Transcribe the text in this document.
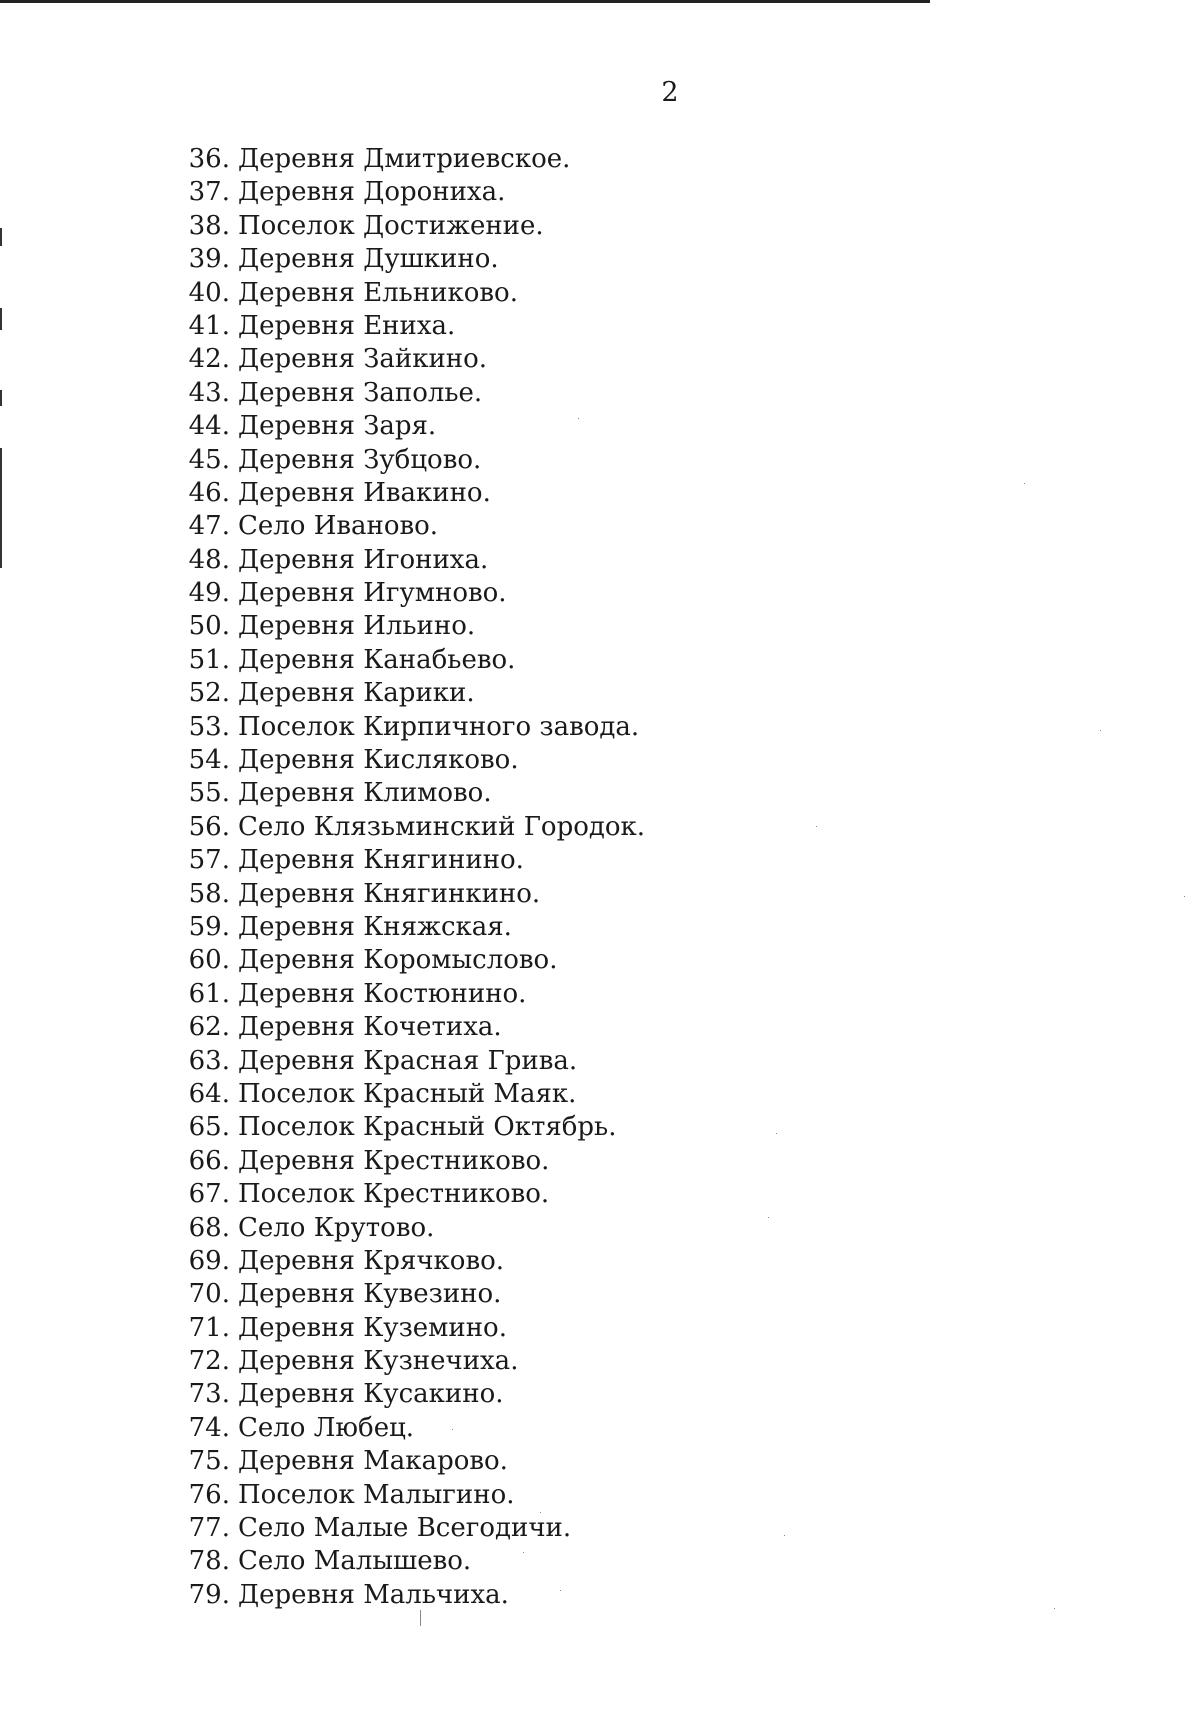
2
36. Деревня Дмитриевское.
37. Деревня Дорониха.
38. Поселок Достижение.
39. Деревня Душкино.
40. Деревня Ельниково.
41. Деревня Ениха.
42. Деревня Зайкино.
43. Деревня Заполье.
44. Деревня Заря.
45. Деревня Зубцово.
46. Деревня Ивакино.
47. Село Иваново.
48. Деревня Игониха.
49. Деревня Игумново.
50. Деревня Ильино.
51. Деревня Канабьево.
52. Деревня Карики.
53. Поселок Кирпичного завода.
54. Деревня Кисляково.
55. Деревня Климово.
56. Село Клязьминский Городок.
57. Деревня Княгинино.
58. Деревня Княгинкино.
59. Деревня Княжская.
60. Деревня Коромыслово.
61. Деревня Костюнино.
62. Деревня Кочетиха.
63. Деревня Красная Грива.
64. Поселок Красный Маяк.
65. Поселок Красный Октябрь.
66. Деревня Крестниково.
67. Поселок Крестниково.
68. Село Крутово.
69. Деревня Крячково.
70. Деревня Кувезино.
71. Деревня Куземино.
72. Деревня Кузнечиха.
73. Деревня Кусакино.
74. Село Любец.
75. Деревня Макарово.
76. Поселок Малыгино.
77. Село Малые Всегодичи.
78. Село Малышево.
79. Деревня Мальчиха.
